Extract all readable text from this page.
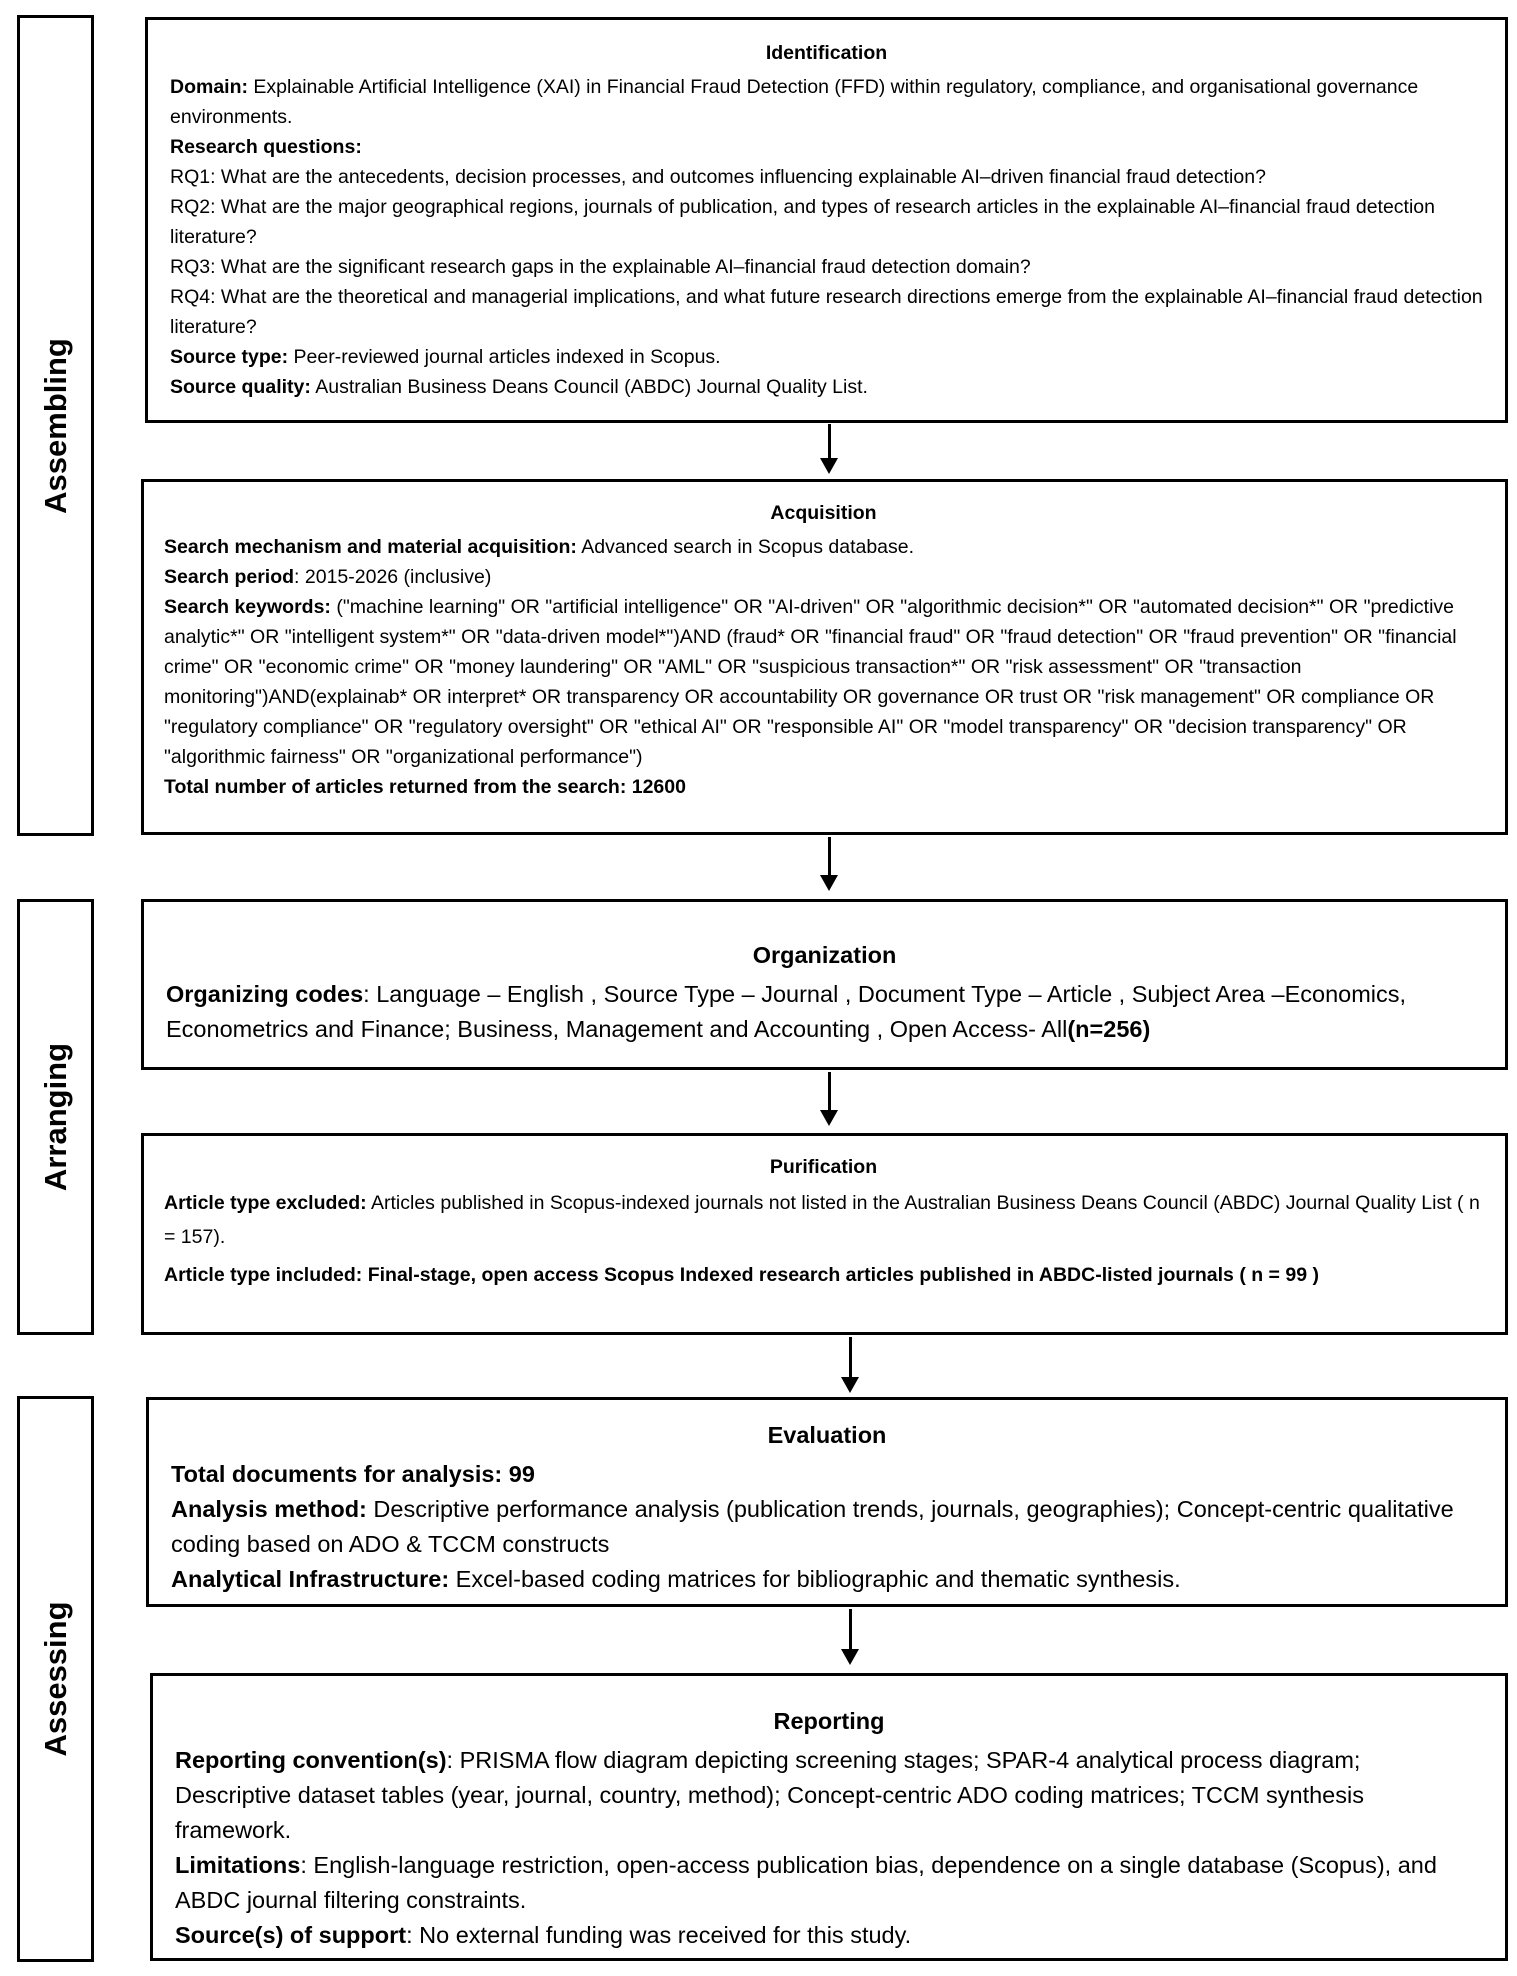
Assembling
Arranging
Assessing
Identification

Domain: Explainable Artificial Intelligence (XAI) in Financial Fraud Detection (FFD) within regulatory, compliance, and organisational governance environments.

Research questions:

RQ1: What are the antecedents, decision processes, and outcomes influencing explainable AI–driven financial fraud detection?

RQ2: What are the major geographical regions, journals of publication, and types of research articles in the explainable AI–financial fraud detection literature?

RQ3: What are the significant research gaps in the explainable AI–financial fraud detection domain?

RQ4: What are the theoretical and managerial implications, and what future research directions emerge from the explainable AI–financial fraud detection literature?

Source type: Peer-reviewed journal articles indexed in Scopus.

Source quality: Australian Business Deans Council (ABDC) Journal Quality List.

Acquisition

Search mechanism and material acquisition: Advanced search in Scopus database.

Search period: 2015-2026 (inclusive)

Search keywords: ("machine learning" OR "artificial intelligence" OR "AI-driven" OR "algorithmic decision*" OR "automated decision*" OR "predictive analytic*" OR "intelligent system*" OR "data-driven model*")AND (fraud* OR "financial fraud" OR "fraud detection" OR "fraud prevention" OR "financial crime" OR "economic crime" OR "money laundering" OR "AML" OR "suspicious transaction*" OR "risk assessment" OR "transaction monitoring")AND(explainab* OR interpret* OR transparency OR accountability OR governance OR trust OR "risk management" OR compliance OR "regulatory compliance" OR "regulatory oversight" OR "ethical AI" OR "responsible AI" OR "model transparency" OR "decision transparency" OR "algorithmic fairness" OR "organizational performance")

Total number of articles returned from the search: 12600

Organization

Organizing codes: Language – English , Source Type – Journal , Document Type – Article , Subject Area –Economics, Econometrics and Finance; Business, Management and Accounting , Open Access- All(n=256)

Purification

Article type excluded: Articles published in Scopus-indexed journals not listed in the Australian Business Deans Council (ABDC) Journal Quality List ( n = 157).

Article type included: Final-stage, open access Scopus Indexed research articles published in ABDC-listed journals ( n = 99 )

Evaluation

Total documents for analysis: 99

Analysis method: Descriptive performance analysis (publication trends, journals, geographies); Concept-centric qualitative coding based on ADO & TCCM constructs

Analytical Infrastructure: Excel-based coding matrices for bibliographic and thematic synthesis.

Reporting

Reporting convention(s): PRISMA flow diagram depicting screening stages; SPAR-4 analytical process diagram; Descriptive dataset tables (year, journal, country, method); Concept-centric ADO coding matrices; TCCM synthesis framework.

Limitations: English-language restriction, open-access publication bias, dependence on a single database (Scopus), and ABDC journal filtering constraints.

Source(s) of support: No external funding was received for this study.
